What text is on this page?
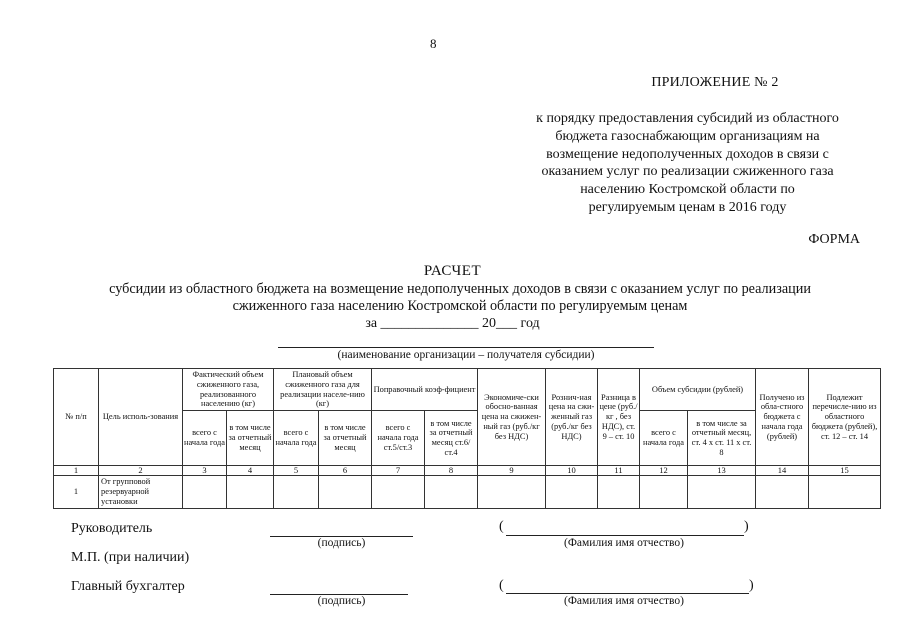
8
ПРИЛОЖЕНИЕ № 2
к порядку предоставления субсидий из областного
бюджета газоснабжающим организациям на
возмещение недополученных доходов в связи с
оказанием услуг по реализации сжиженного газа
населению Костромской области по
регулируемым ценам в 2016 году
ФОРМА
РАСЧЕТ
субсидии из областного бюджета на возмещение недополученных доходов в связи с оказанием услуг по реализации
сжиженного газа населению Костромской области по регулируемым ценам
за ______________ 20___ год
(наименование организации – получателя субсидии)
№ п/п	Цель исполь-зования	Фактический объем сжиженного газа, реализованного населению (кг)		Плановый объем сжиженного газа для реализации населе-нию (кг)		Поправочный коэф-фициент		Экономиче-ски обосно-ванная цена на сжижен-ный газ (руб./кг без НДС)	Рознич-ная цена на сжи-женный газ (руб./кг без НДС)	Разница в цене (руб./кг , без НДС), ст. 9 – ст. 10	Объем субсидии (рублей)		Получено из обла-стного бюджета с начала года (рублей)	Подлежит перечисле-нию из областного бюджета (рублей), ст. 12 – ст. 14
		всего с начала года	в том числе за отчетный месяц	всего с начала года	в том числе за отчетный месяц	всего с начала года ст.5/ст.3	в том числе за отчетный месяц ст.6/ст.4				всего с начала года	в том числе за отчетный месяц, ст. 4 х ст. 11 х ст. 8		
1	2	3	4	5	6	7	8	9	10	11	12	13	14	15
1	От групповой резервуарной установки													
Руководитель
(подпись)
(	)
(Фамилия имя отчество)
М.П. (при наличии)
Главный бухгалтер
(подпись)
(	)
(Фамилия имя отчество)
